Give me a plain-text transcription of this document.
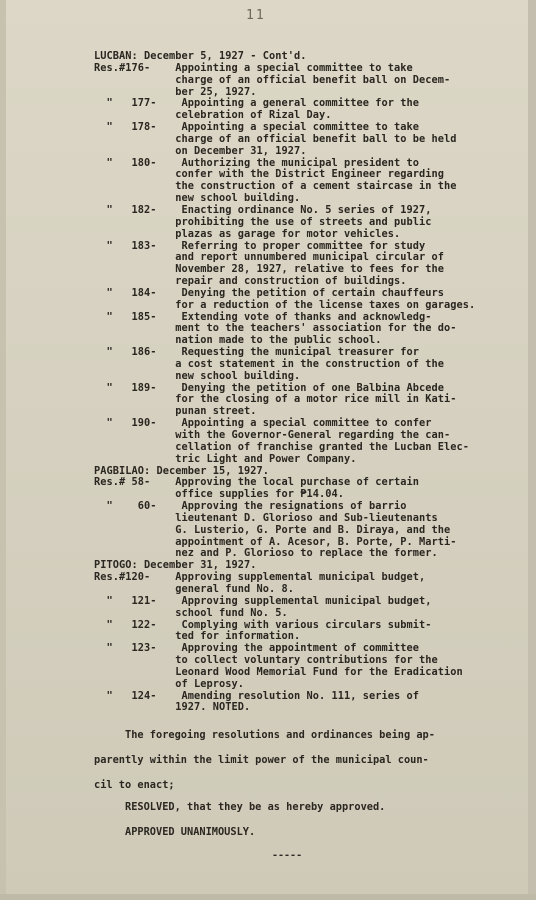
11
LUCBAN: December 5, 1927 - Cont'd.
Res.#176-    Appointing a special committee to take
charge of an official benefit ball on Decem-
ber 25, 1927.
"   177-    Appointing a general committee for the
celebration of Rizal Day.
"   178-    Appointing a special committee to take
charge of an official benefit ball to be held
on December 31, 1927.
"   180-    Authorizing the municipal president to
confer with the District Engineer regarding
the construction of a cement staircase in the
new school building.
"   182-    Enacting ordinance No. 5 series of 1927,
prohibiting the use of streets and public
plazas as garage for motor vehicles.
"   183-    Referring to proper committee for study
and report unnumbered municipal circular of
November 28, 1927, relative to fees for the
repair and construction of buildings.
"   184-    Denying the petition of certain chauffeurs
for a reduction of the license taxes on garages.
"   185-    Extending vote of thanks and acknowledg-
ment to the teachers' association for the do-
nation made to the public school.
"   186-    Requesting the municipal treasurer for
a cost statement in the construction of the
new school building.
"   189-    Denying the petition of one Balbina Abcede
for the closing of a motor rice mill in Kati-
punan street.
"   190-    Appointing a special committee to confer
with the Governor-General regarding the can-
cellation of franchise granted the Lucban Elec-
tric Light and Power Company.
PAGBILAO: December 15, 1927.
Res.# 58-    Approving the local purchase of certain
office supplies for ₱14.04.
"    60-    Approving the resignations of barrio
lieutenant D. Glorioso and Sub-lieutenants
G. Lusterio, G. Porte and B. Diraya, and the
appointment of A. Acesor, B. Porte, P. Marti-
nez and P. Glorioso to replace the former.
PITOGO: December 31, 1927.
Res.#120-    Approving supplemental municipal budget,
general fund No. 8.
"   121-    Approving supplemental municipal budget,
school fund No. 5.
"   122-    Complying with various circulars submit-
ted for information.
"   123-    Approving the appointment of committee
to collect voluntary contributions for the
Leonard Wood Memorial Fund for the Eradication
of Leprosy.
"   124-    Amending resolution No. 111, series of
1927. NOTED.
The foregoing resolutions and ordinances being ap-
parently within the limit power of the municipal coun-
cil to enact;
RESOLVED, that they be as hereby approved.
APPROVED UNANIMOUSLY.
-----
